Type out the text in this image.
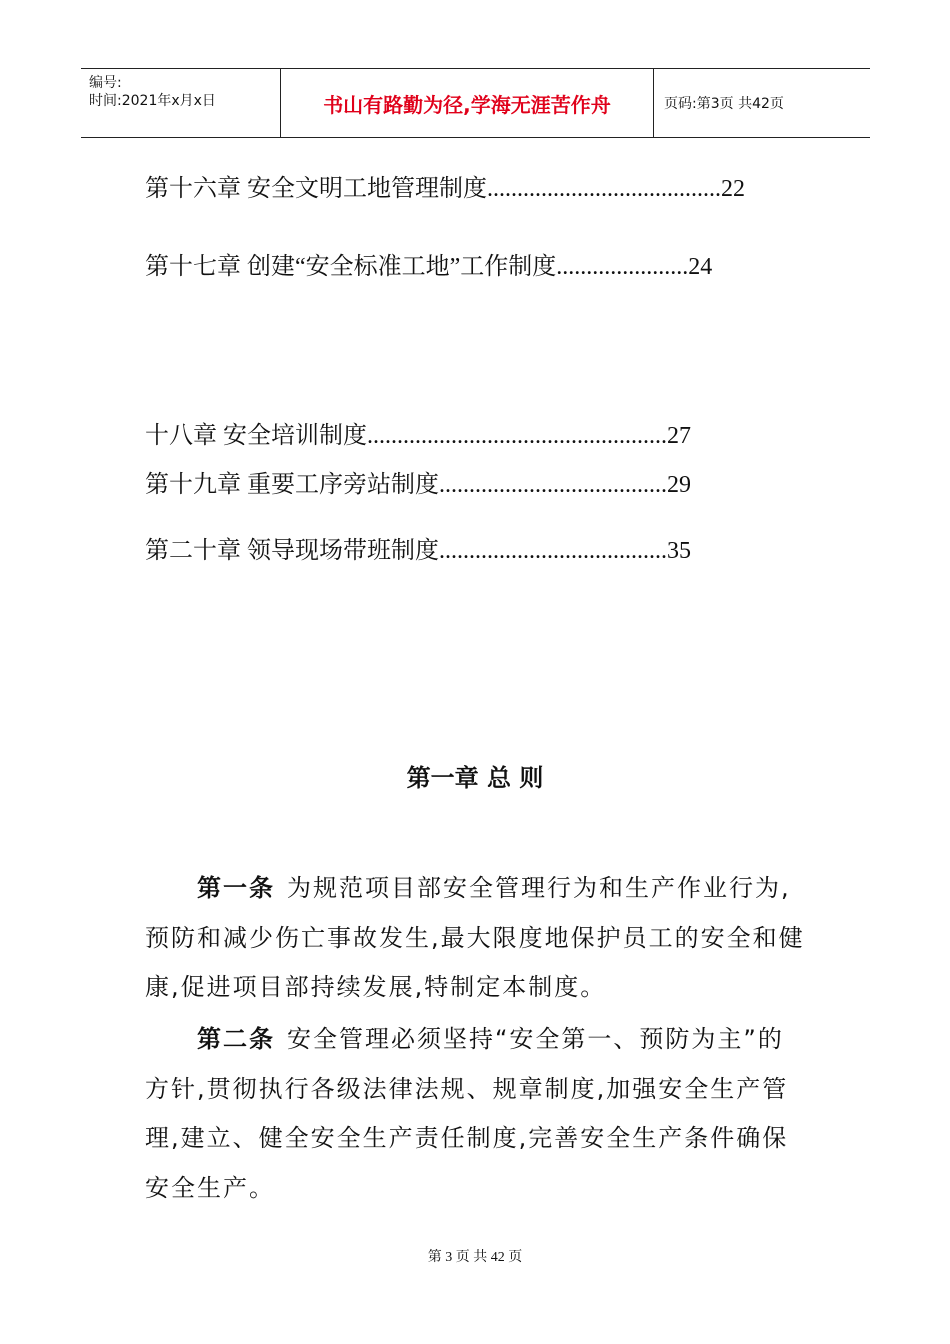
编号:
时间:2021年x月x日	书山有路勤为径,学海无涯苦作舟	页码:第3页 共42页
第十六章 安全文明工地管理制度.......................................22
第十七章 创建“安全标准工地”工作制度......................24
十八章 安全培训制度..................................................27
第十九章 重要工序旁站制度......................................29
第二十章 领导现场带班制度......................................35
第一章 总 则
第一条 为规范项目部安全管理行为和生产作业行为,预防和减少伤亡事故发生,最大限度地保护员工的安全和健康,促进项目部持续发展,特制定本制度。
第二条 安全管理必须坚持“安全第一、预防为主”的方针,贯彻执行各级法律法规、规章制度,加强安全生产管理,建立、健全安全生产责任制度,完善安全生产条件确保安全生产。
第 3 页 共 42 页
